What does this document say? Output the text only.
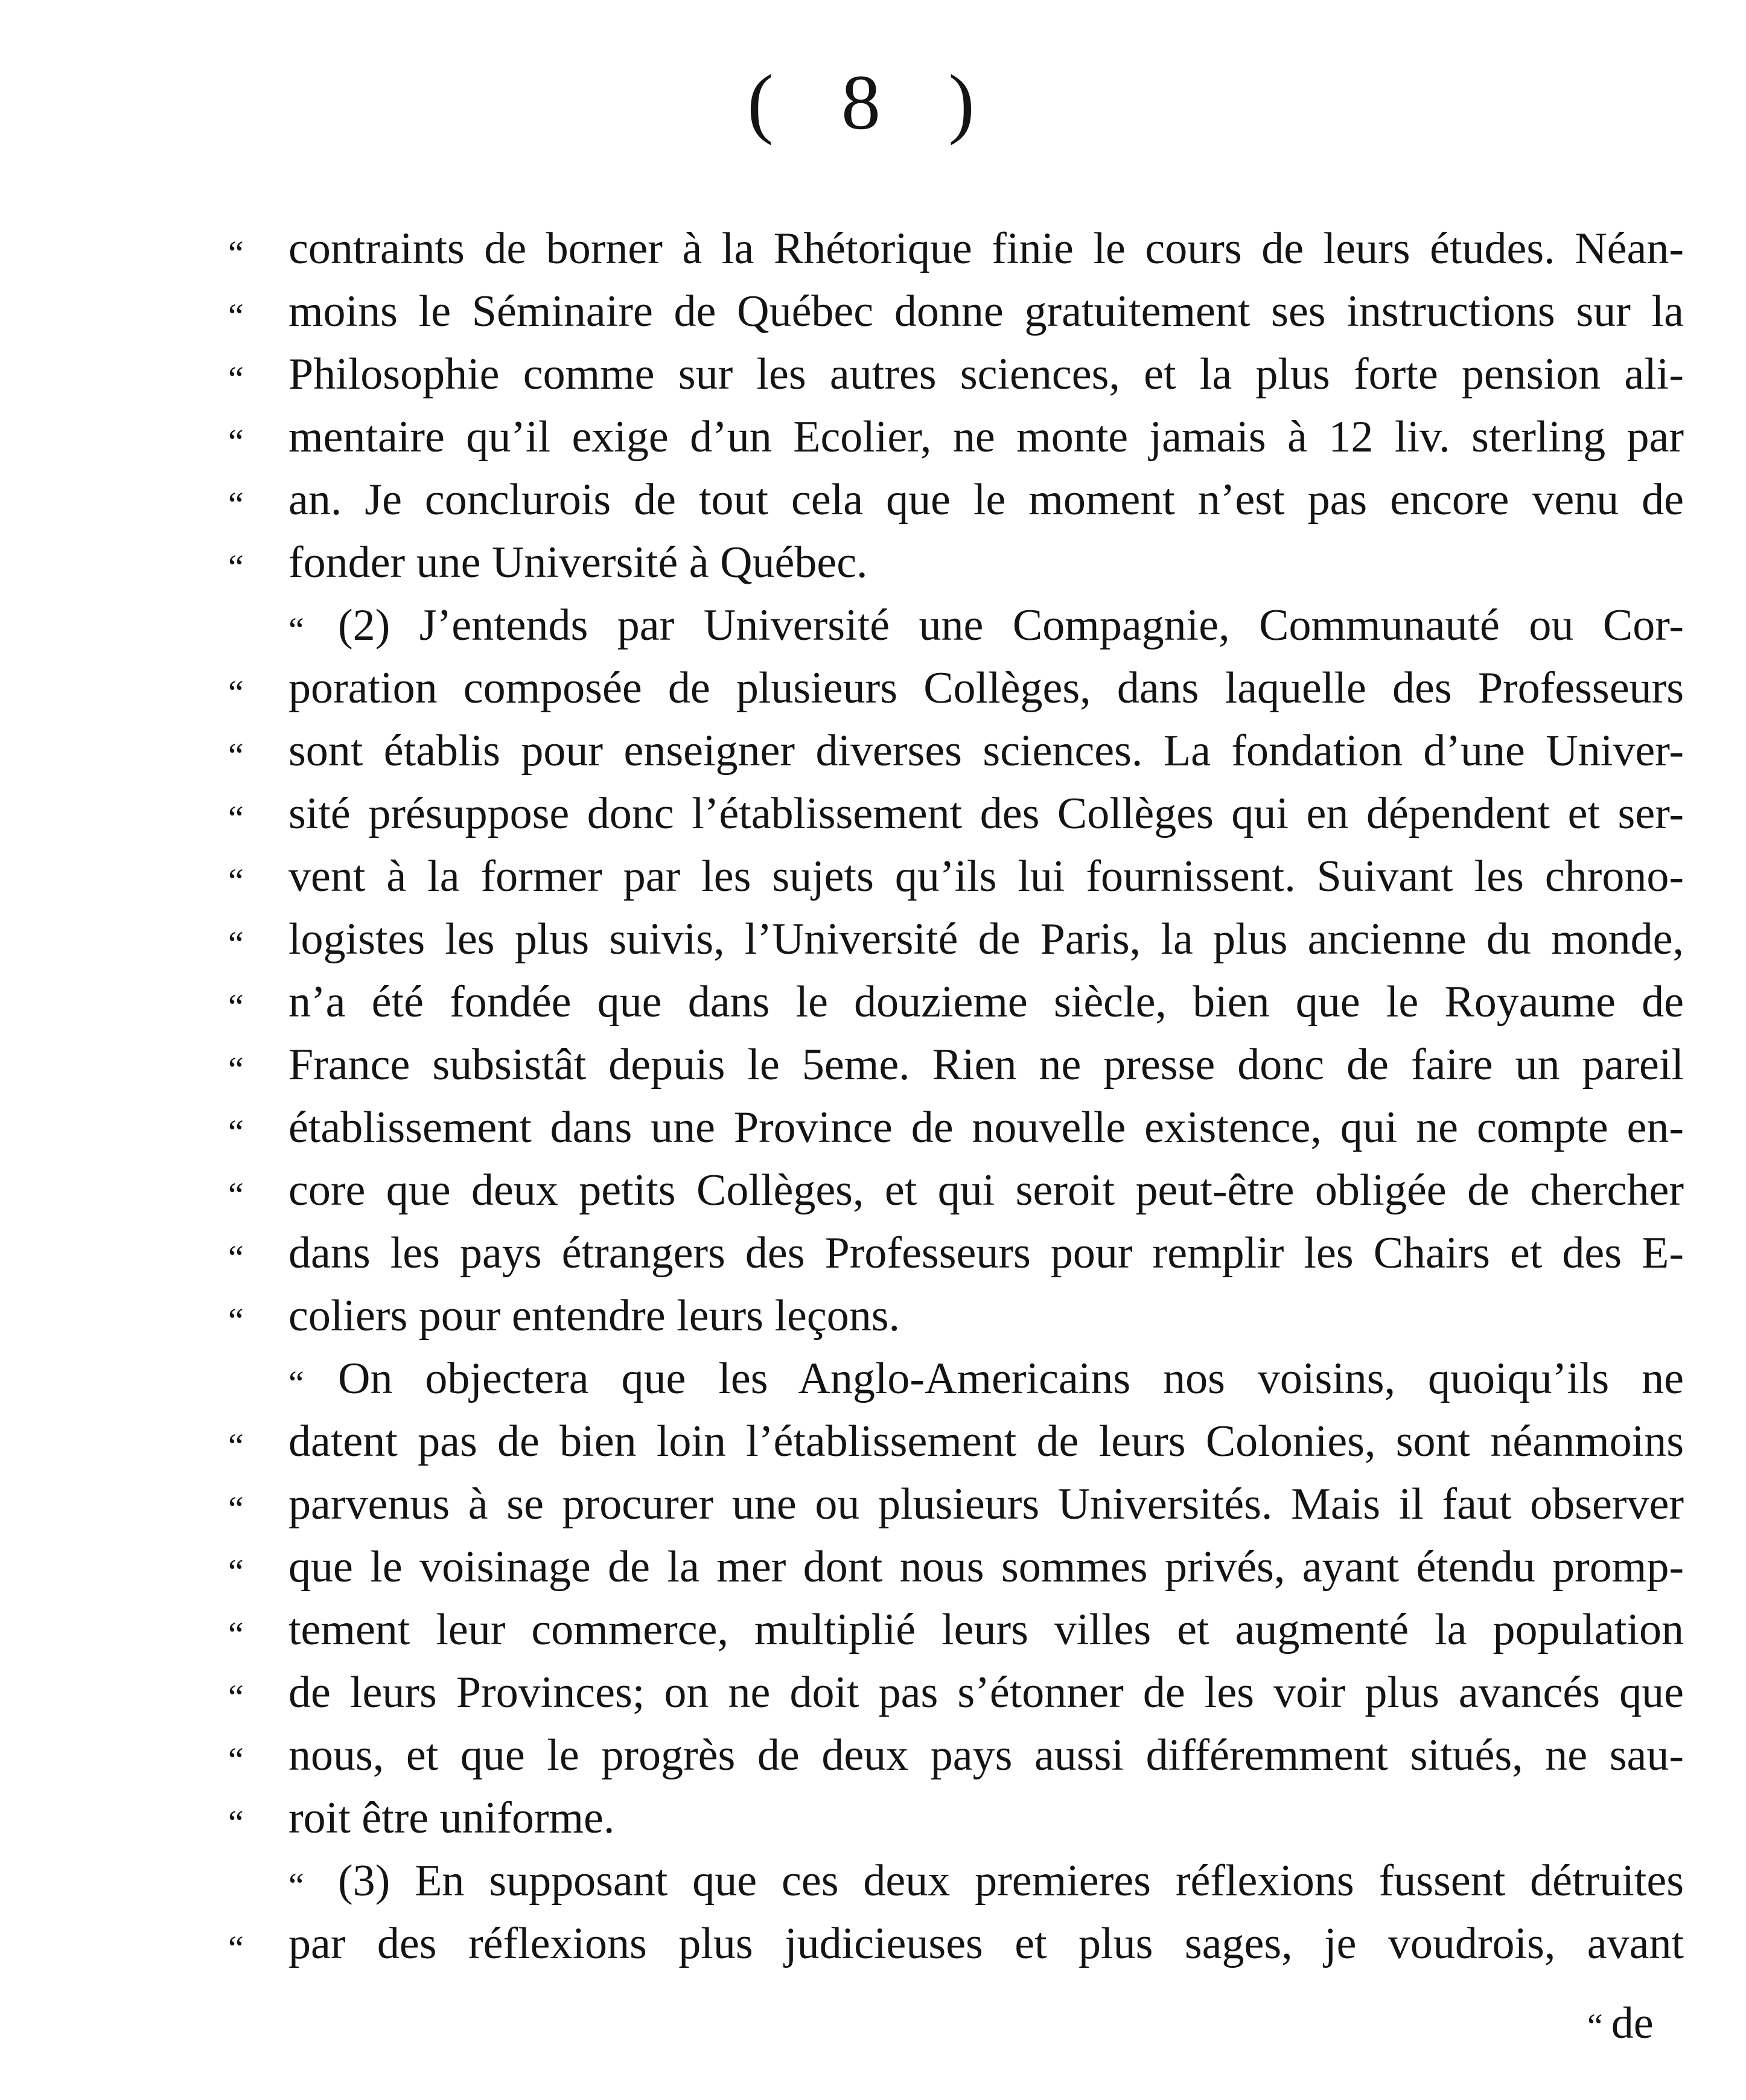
( 8 )
“ contraints de borner à la Rhétorique finie le cours de leurs études. Néan-
“ moins le Séminaire de Québec donne gratuitement ses instructions sur la
“ Philosophie comme sur les autres sciences, et la plus forte pension ali-
“ mentaire qu’il exige d’un Ecolier, ne monte jamais à 12 liv. sterling par
“ an. Je conclurois de tout cela que le moment n’est pas encore venu de
“ fonder une Université à Québec.
“ (2) J’entends par Université une Compagnie, Communauté ou Cor-
“ poration composée de plusieurs Collèges, dans laquelle des Professeurs
“ sont établis pour enseigner diverses sciences. La fondation d’une Univer-
“ sité présuppose donc l’établissement des Collèges qui en dépendent et ser-
“ vent à la former par les sujets qu’ils lui fournissent. Suivant les chrono-
“ logistes les plus suivis, l’Université de Paris, la plus ancienne du monde,
“ n’a été fondée que dans le douzieme siècle, bien que le Royaume de
“ France subsistât depuis le 5eme. Rien ne presse donc de faire un pareil
“ établissement dans une Province de nouvelle existence, qui ne compte en-
“ core que deux petits Collèges, et qui seroit peut-être obligée de chercher
“ dans les pays étrangers des Professeurs pour remplir les Chairs et des E-
“ coliers pour entendre leurs leçons.
“ On objectera que les Anglo-Americains nos voisins, quoiqu’ils ne
“ datent pas de bien loin l’établissement de leurs Colonies, sont néanmoins
“ parvenus à se procurer une ou plusieurs Universités. Mais il faut observer
“ que le voisinage de la mer dont nous sommes privés, ayant étendu promp-
“ tement leur commerce, multiplié leurs villes et augmenté la population
“ de leurs Provinces; on ne doit pas s’étonner de les voir plus avancés que
“ nous, et que le progrès de deux pays aussi différemment situés, ne sau-
“ roit être uniforme.
“ (3) En supposant que ces deux premieres réflexions fussent détruites
“ par des réflexions plus judicieuses et plus sages, je voudrois, avant
“ de
